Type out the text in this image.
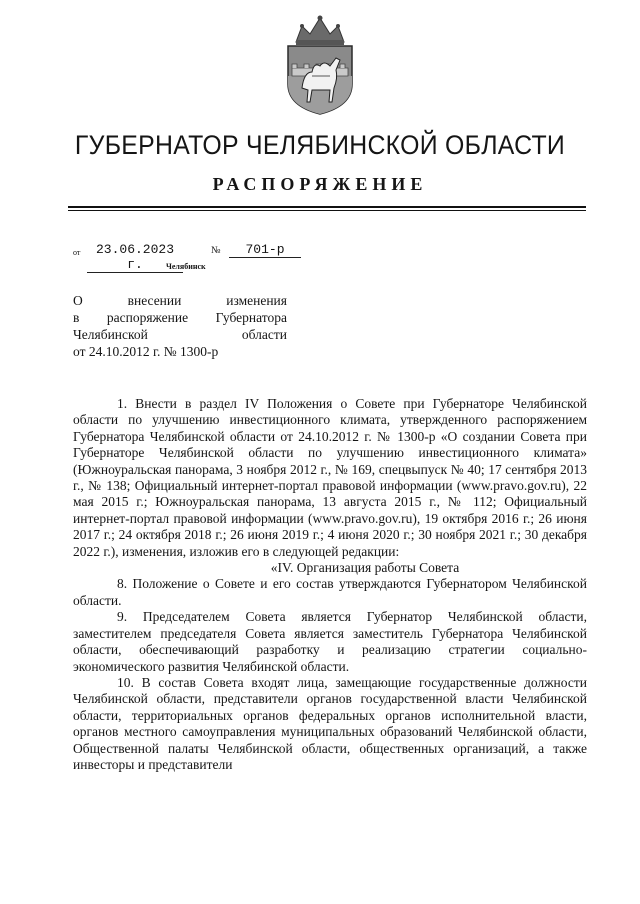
ГУБЕРНАТОР ЧЕЛЯБИНСКОЙ ОБЛАСТИ
РАСПОРЯЖЕНИЕ
от	23.06.2023 г.
№	701-р
Челябинск
О внесении изменения
в распоряжение Губернатора
Челябинской области
от 24.10.2012 г. № 1300-р

1. Внести в раздел IV Положения о Совете при Губернаторе Челябинской области по улучшению инвестиционного климата, утвержденного распоряжением Губернатора Челябинской области от 24.10.2012 г. № 1300-р «О создании Совета при Губернаторе Челябинской области по улучшению инвестиционного климата» (Южноуральская панорама, 3 ноября 2012 г., № 169, спецвыпуск № 40; 17 сентября 2013 г., № 138; Официальный интернет-портал правовой информации (www.pravo.gov.ru), 22 мая 2015 г.; Южноуральская панорама, 13 августа 2015 г., № 112; Официальный интернет-портал правовой информации (www.pravo.gov.ru), 19 октября 2016 г.; 26 июня 2017 г.; 24 октября 2018 г.; 26 июня 2019 г.; 4 июня 2020 г.; 30 ноября 2021 г.; 30 декабря 2022 г.), изменения, изложив его в следующей редакции:

«IV. Организация работы Совета

8. Положение о Совете и его состав утверждаются Губернатором Челябинской области.

9. Председателем Совета является Губернатор Челябинской области, заместителем председателя Совета является заместитель Губернатора Челябинской области, обеспечивающий разработку и реализацию стратегии социально-экономического развития Челябинской области.

10. В состав Совета входят лица, замещающие государственные должности Челябинской области, представители органов государственной власти Челябинской области, территориальных органов федеральных органов исполнительной власти, органов местного самоуправления муниципальных образований Челябинской области, Общественной палаты Челябинской области, общественных организаций, а также инвесторы и представители
